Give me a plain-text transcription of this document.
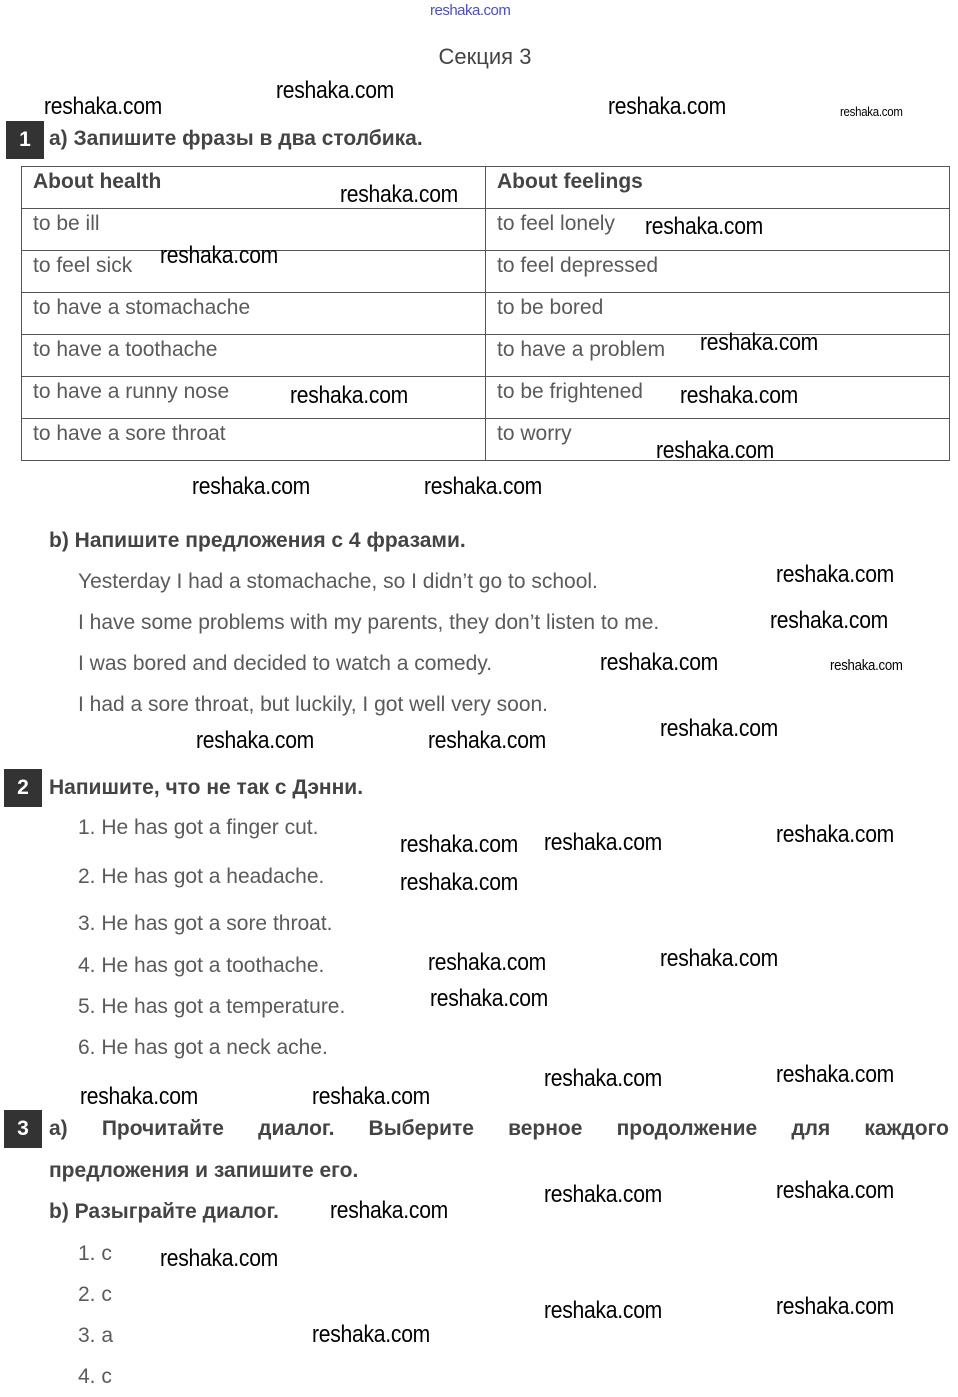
reshaka.com
Секция 3
1 a) Запишите фразы в два столбика.
About health	About feelings
to be ill	to feel lonely
to feel sick	to feel depressed
to have a stomachache	to be bored
to have a toothache	to have a problem
to have a runny nose	to be frightened
to have a sore throat	to worry
b) Напишите предложения с 4 фразами.
Yesterday I had a stomachache, so I didn’t go to school.
I have some problems with my parents, they don’t listen to me.
I was bored and decided to watch a comedy.
I had a sore throat, but luckily, I got well very soon.
2 Напишите, что не так с Дэнни.
1. He has got a finger cut.
2. He has got a headache.
3. He has got a sore throat.
4. He has got a toothache.
5. He has got a temperature.
6. He has got a neck ache.
3 a) Прочитайте диалог. Выберите верное продолжение для каждого
предложения и запишите его.
b) Разыграйте диалог.
1. c
2. c
3. a
4. c
reshaka.com
reshaka.com	reshaka.com	reshaka.com
reshaka.com
reshaka.com
reshaka.com
reshaka.com
reshaka.com
reshaka.com
reshaka.com
reshaka.com	reshaka.com
reshaka.com
reshaka.com
reshaka.com
reshaka.com
reshaka.com	reshaka.com	reshaka.com
reshaka.com
reshaka.com reshaka.com	reshaka.com
reshaka.com	reshaka.com
reshaka.com
reshaka.com	reshaka.com
reshaka.com	reshaka.com
reshaka.com	reshaka.com
reshaka.com
reshaka.com
reshaka.com	reshaka.com
reshaka.com
